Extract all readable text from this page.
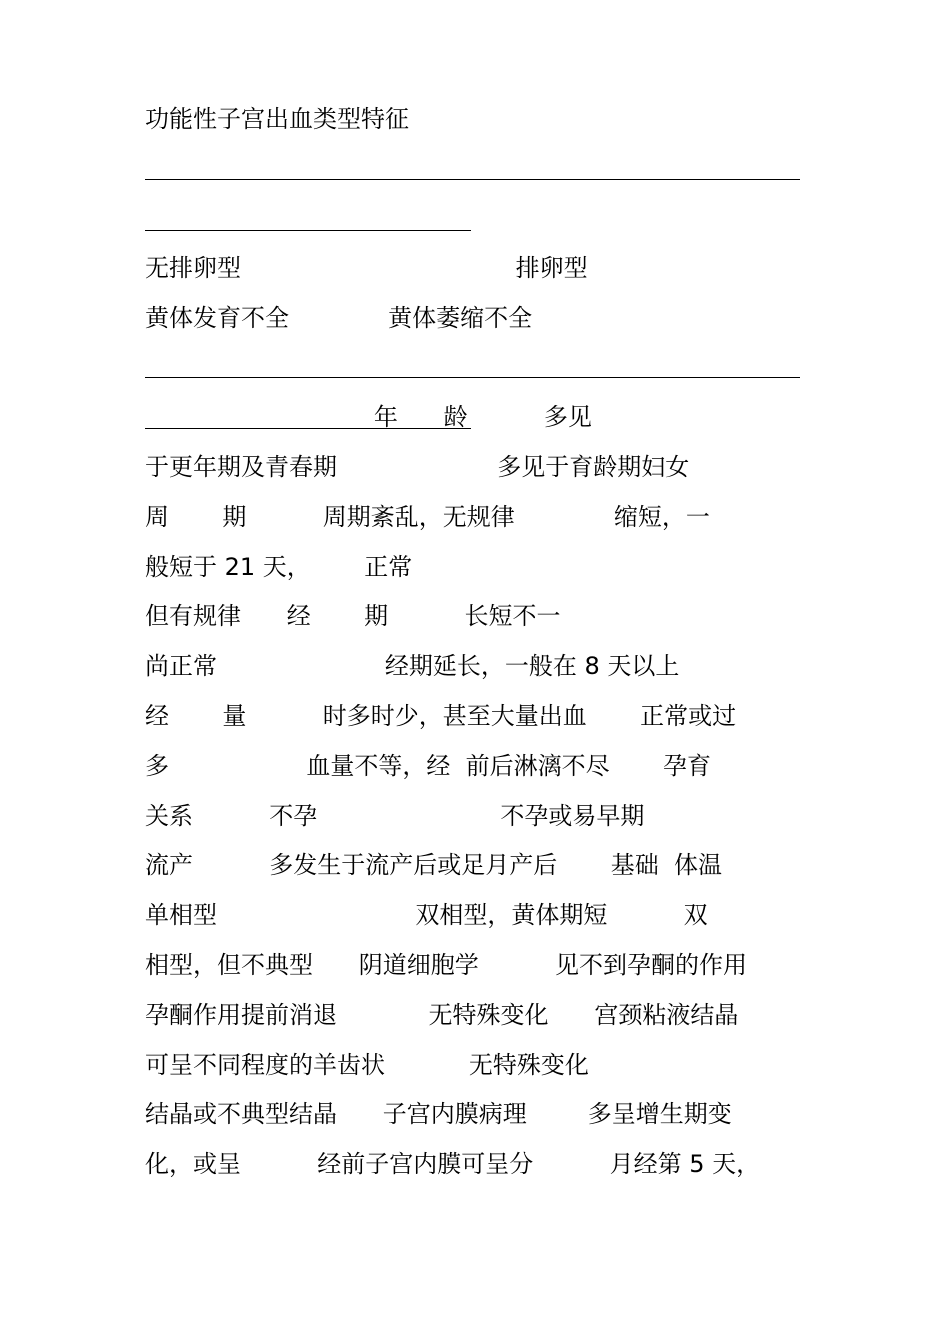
功能性子宫出血类型特征
无排卵型                                    排卵型
黄体发育不全             黄体萎缩不全
年      龄          多见
于更年期及青春期                     多见于育龄期妇女
周       期          周期紊乱，无规律             缩短，一
般短于 21 天，       正常
但有规律      经       期          长短不一
尚正常                      经期延长，一般在 8 天以上
经       量          时多时少，甚至大量出血       正常或过
多                  血量不等，经  前后淋漓不尽       孕育
关系          不孕                        不孕或易早期
流产          多发生于流产后或足月产后       基础  体温
单相型                          双相型，黄体期短          双
相型，但不典型      阴道细胞学          见不到孕酮的作用
孕酮作用提前消退            无特殊变化      宫颈粘液结晶
可呈不同程度的羊齿状           无特殊变化
结晶或不典型结晶      子宫内膜病理        多呈增生期变
化，或呈          经前子宫内膜可呈分          月经第 5 天，
